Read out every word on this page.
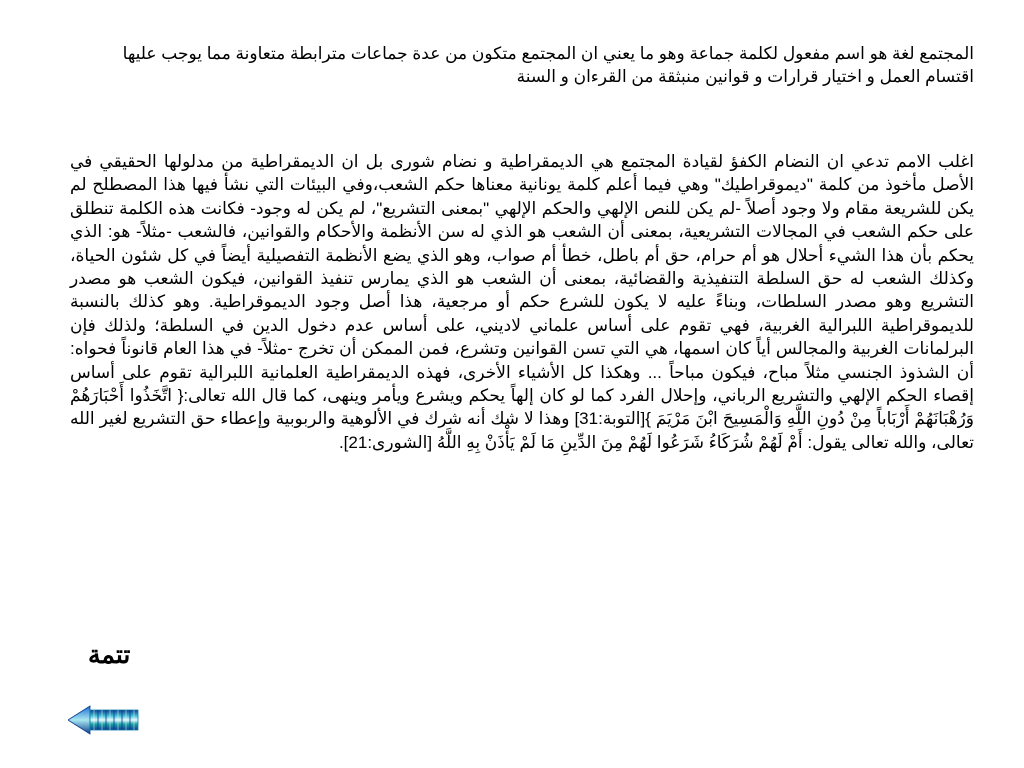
المجتمع لغة هو اسم مفعول لكلمة جماعة وهو ما يعني ان المجتمع متكون من عدة جماعات مترابطة متعاونة مما يوجب عليها اقتسام العمل و اختيار قرارات و قوانين منبثقة من القرءان و السنة

اغلب الامم تدعي ان النضام الكفؤ لقيادة المجتمع هي الديمقراطية و نضام شورى بل ان الديمقراطية من مدلولها الحقيقي في الأصل مأخوذ من كلمة "ديموقراطيك" وهي فيما أعلم كلمة يونانية معناها حكم الشعب،وفي البيئات التي نشأ فيها هذا المصطلح لم يكن للشريعة مقام ولا وجود أصلاً -لم يكن للنص الإلهي والحكم الإلهي "بمعنى التشريع"، لم يكن له وجود- فكانت هذه الكلمة تنطلق على حكم الشعب في المجالات التشريعية، بمعنى أن الشعب هو الذي له سن الأنظمة والأحكام والقوانين، فالشعب -مثلاً- هو: الذي يحكم بأن هذا الشيء أحلال هو أم حرام، حق أم باطل، خطأ أم صواب، وهو الذي يضع الأنظمة التفصيلية أيضاً في كل شئون الحياة، وكذلك الشعب له حق السلطة التنفيذية والقضائية، بمعنى أن الشعب هو الذي يمارس تنفيذ القوانين، فيكون الشعب هو مصدر التشريع وهو مصدر السلطات، وبناءً عليه لا يكون للشرع حكم أو مرجعية، هذا أصل وجود الديموقراطية. وهو كذلك بالنسبة للديموقراطية اللبرالية الغربية، فهي تقوم على أساس علماني لاديني، على أساس عدم دخول الدين في السلطة؛ ولذلك فإن البرلمانات الغربية والمجالس أياً كان اسمها، هي التي تسن القوانين وتشرع، فمن الممكن أن تخرج -مثلاً- في هذا العام قانوناً فحواه: أن الشذوذ الجنسي مثلاً مباح، فيكون مباحاً ... وهكذا كل الأشياء الأخرى، فهذه الديمقراطية العلمانية اللبرالية تقوم على أساس إقصاء الحكم الإلهي والتشريع الرباني، وإحلال الفرد كما لو كان إلهاً يحكم ويشرع ويأمر وينهى، كما قال الله تعالى:{ اتَّخَذُوا أَحْبَارَهُمْ وَرُهْبَانَهُمْ أَرْبَاباً مِنْ دُونِ اللَّهِ وَالْمَسِيحَ ابْنَ مَرْيَمَ }[التوبة:31] وهذا لا شك أنه شرك في الألوهية والربوبية وإعطاء حق التشريع لغير الله تعالى، والله تعالى يقول: أَمْ لَهُمْ شُرَكَاءُ شَرَعُوا لَهُمْ مِنَ الدِّينِ مَا لَمْ يَأْذَنْ بِهِ اللَّهُ [الشورى:21].

تتمة
